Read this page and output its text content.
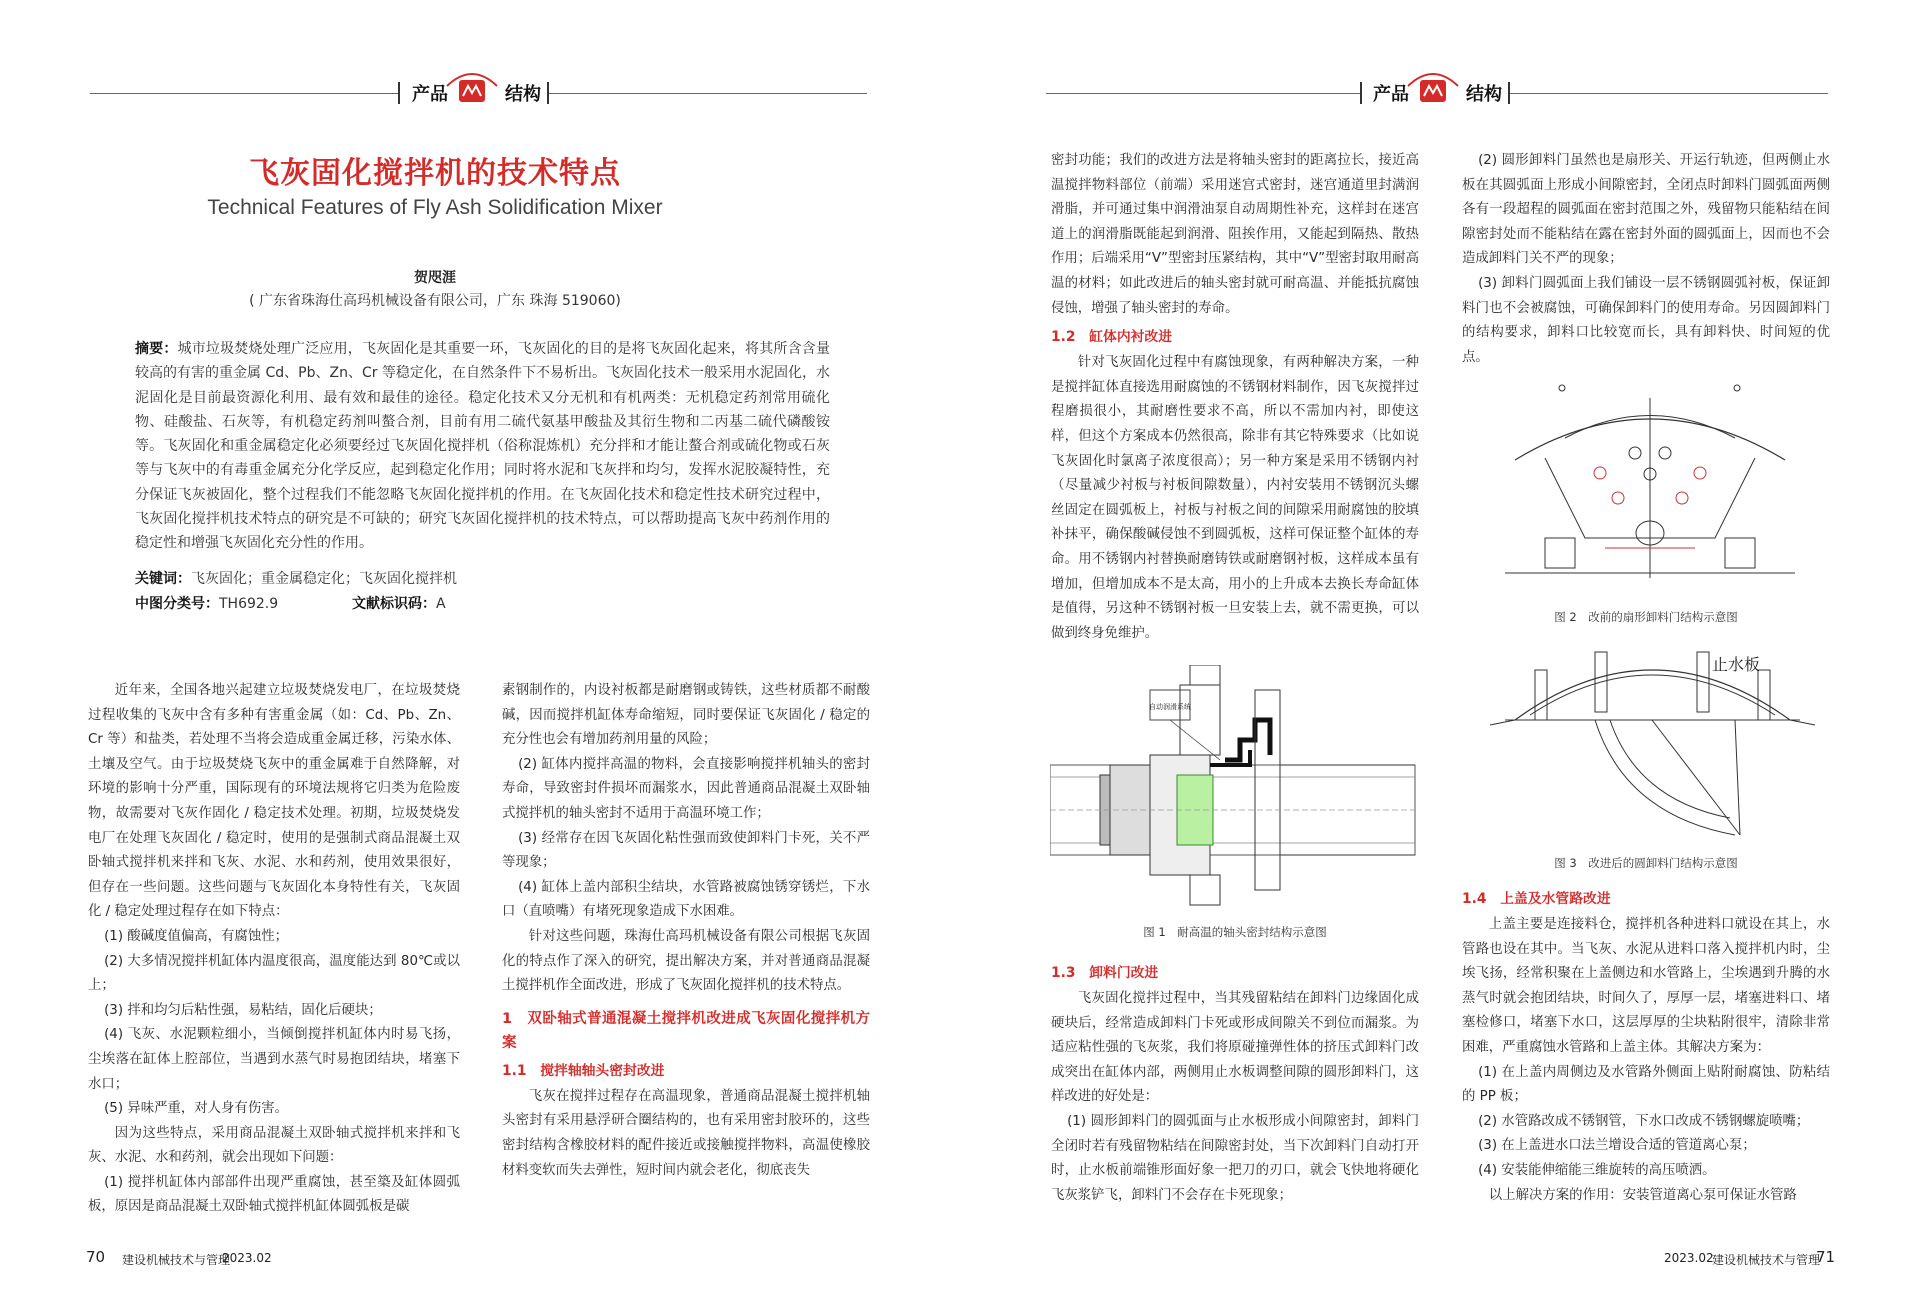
产品	结构	产品	结构
飞灰固化搅拌机的技术特点
Technical Features of Fly Ash Solidification Mixer
贺咫涯
( 广东省珠海仕高玛机械设备有限公司，广东 珠海 519060)
摘要：城市垃圾焚烧处理广泛应用，飞灰固化是其重要一环，飞灰固化的目的是将飞灰固化起来，将其所含含量较高的有害的重金属 Cd、Pb、Zn、Cr 等稳定化，在自然条件下不易析出。飞灰固化技术一般采用水泥固化，水泥固化是目前最资源化利用、最有效和最佳的途径。稳定化技术又分无机和有机两类：无机稳定药剂常用硫化物、硅酸盐、石灰等，有机稳定药剂叫螯合剂，目前有用二硫代氨基甲酸盐及其衍生物和二丙基二硫代磷酸铵等。飞灰固化和重金属稳定化必须要经过飞灰固化搅拌机（俗称混炼机）充分拌和才能让螯合剂或硫化物或石灰等与飞灰中的有毒重金属充分化学反应，起到稳定化作用；同时将水泥和飞灰拌和均匀，发挥水泥胶凝特性，充分保证飞灰被固化，整个过程我们不能忽略飞灰固化搅拌机的作用。在飞灰固化技术和稳定性技术研究过程中，飞灰固化搅拌机技术特点的研究是不可缺的；研究飞灰固化搅拌机的技术特点，可以帮助提高飞灰中药剂作用的稳定性和增强飞灰固化充分性的作用。
关键词：飞灰固化；重金属稳定化；飞灰固化搅拌机
中图分类号：TH692.9	文献标识码：A

近年来，全国各地兴起建立垃圾焚烧发电厂，在垃圾焚烧过程收集的飞灰中含有多种有害重金属（如：Cd、Pb、Zn、Cr 等）和盐类，若处理不当将会造成重金属迁移，污染水体、土壤及空气。由于垃圾焚烧飞灰中的重金属难于自然降解，对环境的影响十分严重，国际现有的环境法规将它归类为危险废物，故需要对飞灰作固化 / 稳定技术处理。初期，垃圾焚烧发电厂在处理飞灰固化 / 稳定时，使用的是强制式商品混凝土双卧轴式搅拌机来拌和飞灰、水泥、水和药剂，使用效果很好，但存在一些问题。这些问题与飞灰固化本身特性有关，飞灰固化 / 稳定处理过程存在如下特点：

(1) 酸碱度值偏高，有腐蚀性；

(2) 大多情况搅拌机缸体内温度很高，温度能达到 80℃或以上；

(3) 拌和均匀后粘性强，易粘结，固化后硬块；

(4) 飞灰、水泥颗粒细小，当倾倒搅拌机缸体内时易飞扬，尘埃落在缸体上腔部位，当遇到水蒸气时易抱团结块，堵塞下水口；

(5) 异味严重，对人身有伤害。

因为这些特点，采用商品混凝土双卧轴式搅拌机来拌和飞灰、水泥、水和药剂，就会出现如下问题：

(1) 搅拌机缸体内部部件出现严重腐蚀，甚至築及缸体圆弧板，原因是商品混凝土双卧轴式搅拌机缸体圆弧板是碳

素钢制作的，内设衬板都是耐磨钢或铸铁，这些材质都不耐酸碱，因而搅拌机缸体寿命缩短，同时要保证飞灰固化 / 稳定的充分性也会有增加药剂用量的风险；

(2) 缸体内搅拌高温的物料，会直接影响搅拌机轴头的密封寿命，导致密封件损坏而漏浆水，因此普通商品混凝土双卧轴式搅拌机的轴头密封不适用于高温环境工作；

(3) 经常存在因飞灰固化粘性强而致使卸料门卡死，关不严等现象；

(4) 缸体上盖内部积尘结块，水管路被腐蚀锈穿锈烂，下水口（直喷嘴）有堵死现象造成下水困难。

针对这些问题，珠海仕高玛机械设备有限公司根据飞灰固化的特点作了深入的研究，提出解决方案，并对普通商品混凝土搅拌机作全面改进，形成了飞灰固化搅拌机的技术特点。

1　双卧轴式普通混凝土搅拌机改进成飞灰固化搅拌机方案
1.1　搅拌轴轴头密封改进

飞灰在搅拌过程存在高温现象，普通商品混凝土搅拌机轴头密封有采用悬浮研合圈结构的，也有采用密封胶环的，这些密封结构含橡胶材料的配件接近或接触搅拌物料，高温使橡胶材料变软而失去弹性，短时间内就会老化，彻底丧失

密封功能；我们的改进方法是将轴头密封的距离拉长，接近高温搅拌物料部位（前端）采用迷宫式密封，迷宫通道里封满润滑脂，并可通过集中润滑油泵自动周期性补充，这样封在迷宫道上的润滑脂既能起到润滑、阻挨作用，又能起到隔热、散热作用；后端采用“V”型密封压紧结构，其中“V”型密封取用耐高温的材料；如此改进后的轴头密封就可耐高温、并能抵抗腐蚀侵蚀，增强了轴头密封的寿命。

1.2　缸体内衬改进

针对飞灰固化过程中有腐蚀现象，有两种解决方案，一种是搅拌缸体直接选用耐腐蚀的不锈钢材料制作，因飞灰搅拌过程磨损很小，其耐磨性要求不高，所以不需加内衬，即使这样，但这个方案成本仍然很高，除非有其它特殊要求（比如说飞灰固化时氯离子浓度很高）；另一种方案是采用不锈钢内衬（尽量减少衬板与衬板间隙数量），内衬安装用不锈钢沉头螺丝固定在圆弧板上，衬板与衬板之间的间隙采用耐腐蚀的胶填补抹平，确保酸碱侵蚀不到圆弧板，这样可保证整个缸体的寿命。用不锈钢内衬替换耐磨铸铁或耐磨钢衬板，这样成本虽有增加，但增加成本不是太高，用小的上升成本去换长寿命缸体是值得，另这种不锈钢衬板一旦安装上去，就不需更换，可以做到终身免维护。

自动润滑系统
图 1　耐高温的轴头密封结构示意图
1.3　卸料门改进

飞灰固化搅拌过程中，当其残留粘结在卸料门边缘固化成硬块后，经常造成卸料门卡死或形成间隙关不到位而漏浆。为适应粘性强的飞灰浆，我们将原碰撞弹性体的挤压式卸料门改成突出在缸体内部，两侧用止水板调整间隙的圆形卸料门，这样改进的好处是：

(1) 圆形卸料门的圆弧面与止水板形成小间隙密封，卸料门全闭时若有残留物粘结在间隙密封处，当下次卸料门自动打开时，止水板前端锥形面好象一把刀的刃口，就会飞快地将硬化飞灰浆铲飞，卸料门不会存在卡死现象；

(2) 圆形卸料门虽然也是扇形关、开运行轨迹，但两侧止水板在其圆弧面上形成小间隙密封，全闭点时卸料门圆弧面两侧各有一段超程的圆弧面在密封范围之外，残留物只能粘结在间隙密封处而不能粘结在露在密封外面的圆弧面上，因而也不会造成卸料门关不严的现象；

(3) 卸料门圆弧面上我们铺设一层不锈钢圆弧衬板，保证卸料门也不会被腐蚀，可确保卸料门的使用寿命。另因圆卸料门的结构要求，卸料口比较宽而长，具有卸料快、时间短的优点。

图 2　改前的扇形卸料门结构示意图
止水板
图 3　改进后的圆卸料门结构示意图
1.4　上盖及水管路改进

上盖主要是连接料仓，搅拌机各种进料口就设在其上，水管路也设在其中。当飞灰、水泥从进料口落入搅拌机内时，尘埃飞扬，经常积聚在上盖侧边和水管路上，尘埃遇到升腾的水蒸气时就会抱团结块，时间久了，厚厚一层，堵塞进料口、堵塞检修口，堵塞下水口，这层厚厚的尘块粘附很牢，清除非常困难，严重腐蚀水管路和上盖主体。其解决方案为：

(1) 在上盖内周侧边及水管路外侧面上贴附耐腐蚀、防粘结的 PP 板；

(2) 水管路改成不锈钢管，下水口改成不锈钢螺旋喷嘴；

(3) 在上盖进水口法兰增设合适的管道离心泵；

(4) 安装能伸缩能三维旋转的高压喷洒。

以上解决方案的作用：安装管道离心泵可保证水管路

70 建设机械技术与管理
2023.02	2023.02
建设机械技术与管理
71
